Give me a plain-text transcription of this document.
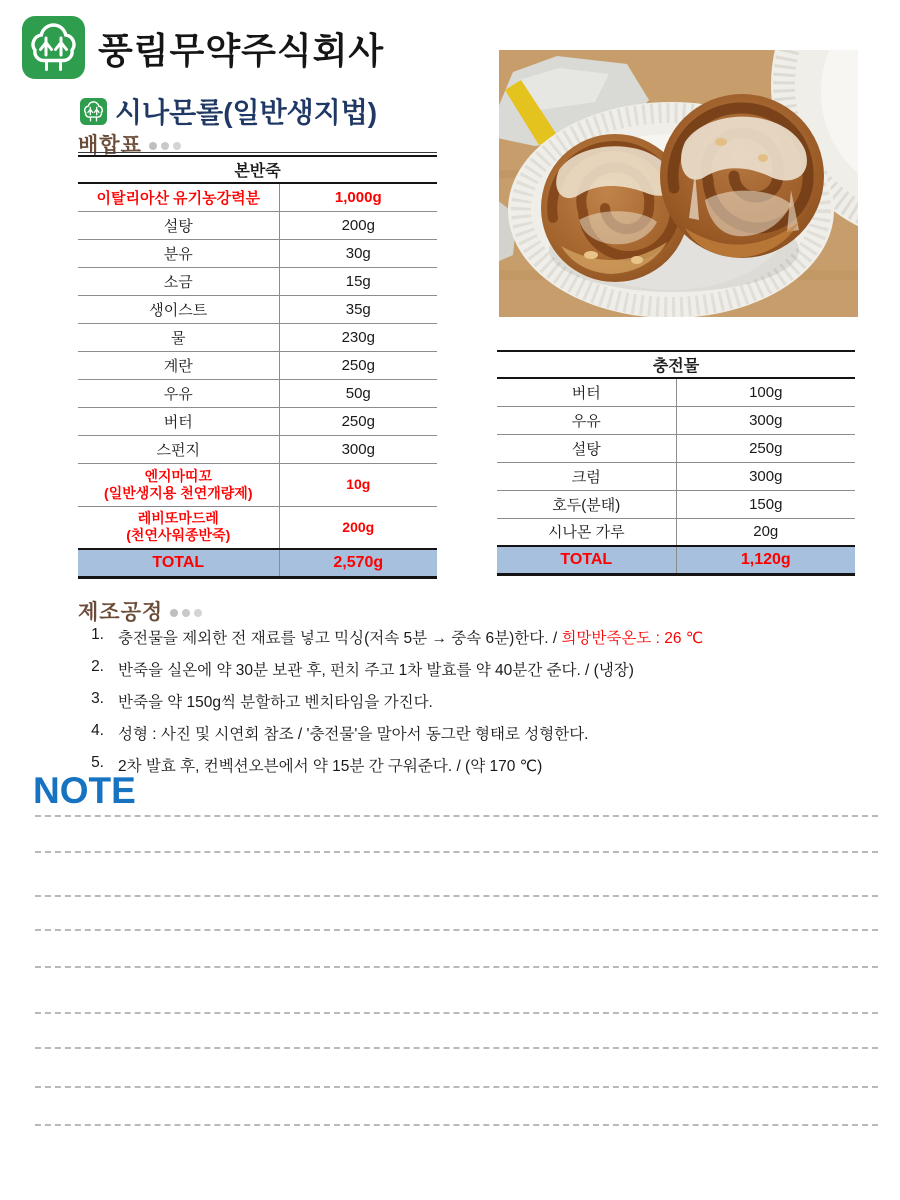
풍림무약주식회사
시나몬롤(일반생지법)
배합표
본반죽	
이탈리아산 유기농강력분	1,000g
설탕	200g
분유	30g
소금	15g
생이스트	35g
물	230g
계란	250g
우유	50g
버터	250g
스펀지	300g
엔지마띠꼬
(일반생지용 천연개량제)	10g
레비또마드레
(천연사워종반죽)	200g
TOTAL	2,570g
충전물	
버터	100g
우유	300g
설탕	250g
크럼	300g
호두(분태)	150g
시나몬 가루	20g
TOTAL	1,120g
제조공정
1. 충전물을 제외한 전 재료를 넣고 믹싱(저속 5분 → 중속 6분)한다. / 희망반죽온도 : 26 ℃
2. 반죽을 실온에 약 30분 보관 후, 펀치 주고 1차 발효를 약 40분간 준다. / (냉장)
3. 반죽을 약 150g씩 분할하고 벤치타임을 가진다.
4. 성형 : 사진 및 시연회 참조 / '충전물'을 말아서 동그란 형태로 성형한다.
5. 2차 발효 후, 컨벡션오븐에서 약 15분 간 구워준다. / (약 170 ℃)
NOTE
